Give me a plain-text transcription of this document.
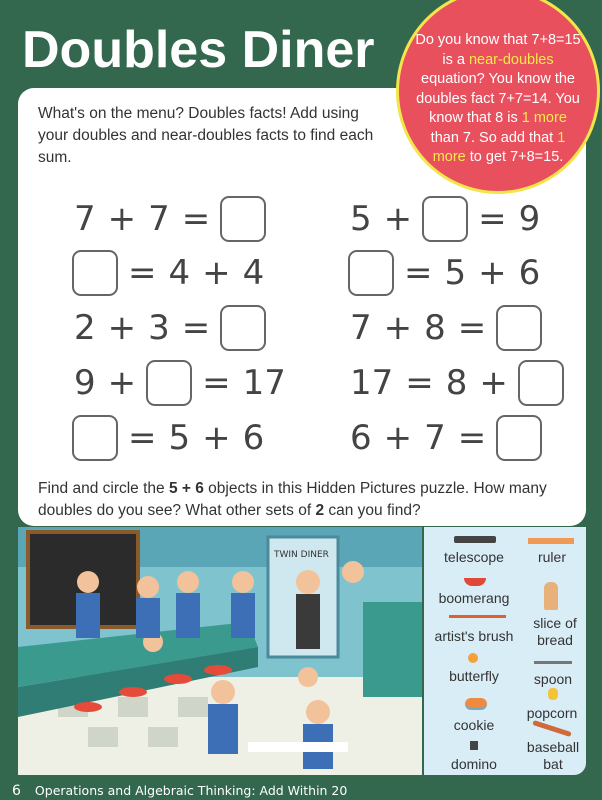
Do you know that 7+8=15 is a near-doubles equation? You know the doubles fact 7+7=14. You know that 8 is 1 more than 7. So add that 1 more to get 7+8=15.
Doubles Diner
What's on the menu? Doubles facts! Add using your doubles and near-doubles facts to find each sum.
7 + 7 =
= 4 + 4
2 + 3 =
9 + = 17
= 5 + 6
5 + = 9
= 5 + 6
7 + 8 =
17 = 8 +
6 + 7 =
Find and circle the 5 + 6 objects in this Hidden Pictures puzzle. How many doubles do you see? What other sets of 2 can you find?
TWIN DINER	telescope	ruler
boomerang
slice of bread
artist's brush
butterfly	spoon
cookie
popcorn
domino
baseball bat
6 Operations and Algebraic Thinking: Add Within 20
